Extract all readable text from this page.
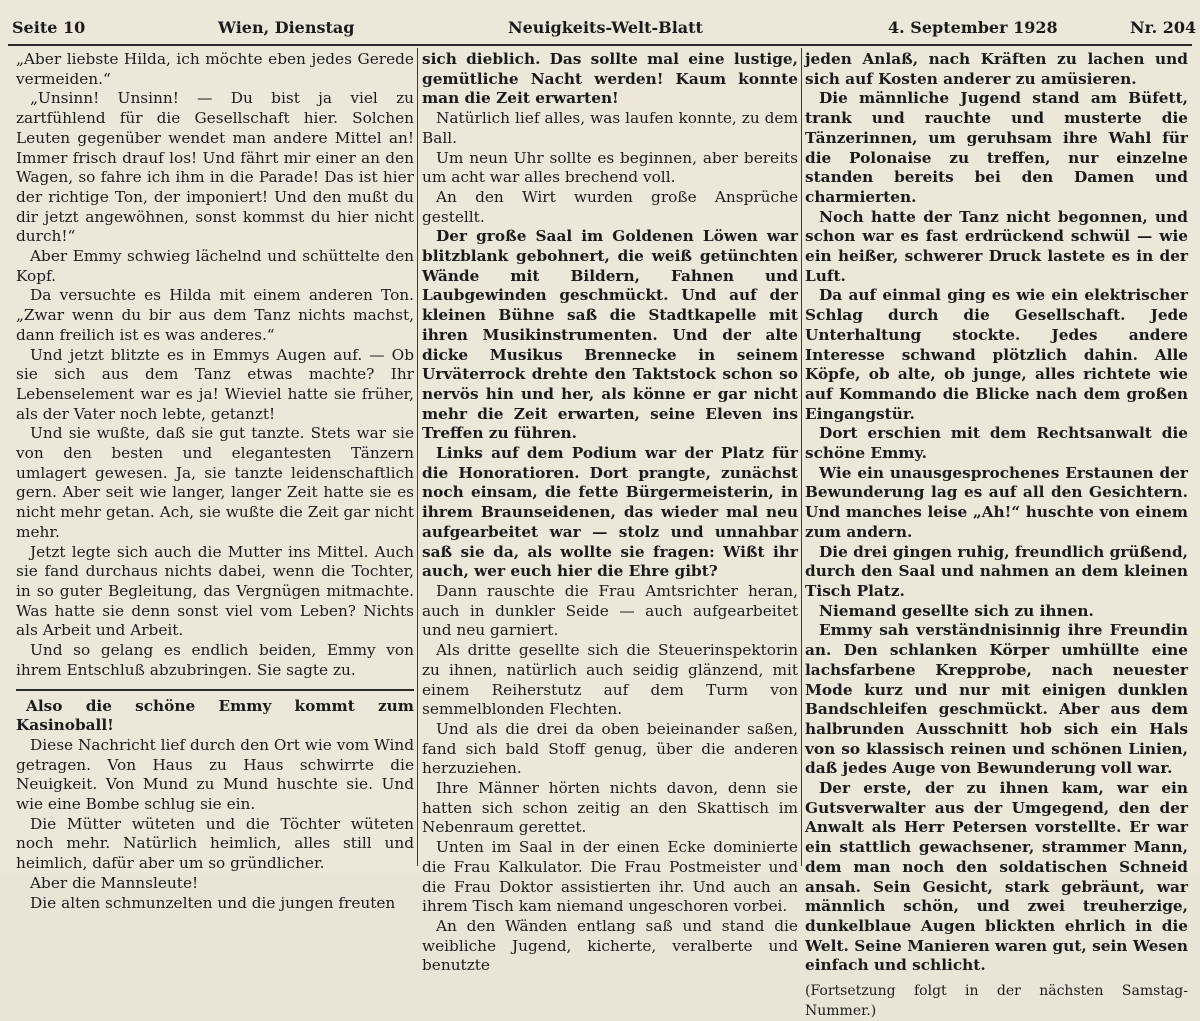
Seite 10	Wien, Dienstag	Neuigkeits-Welt-Blatt	4. September 1928	Nr. 204

„Aber liebste Hilda, ich möchte eben jedes Gerede vermeiden.“

„Unsinn! Unsinn! — Du bist ja viel zu zartfühlend für die Gesellschaft hier. Solchen Leuten gegenüber wendet man andere Mittel an! Immer frisch drauf los! Und fährt mir einer an den Wagen, so fahre ich ihm in die Parade! Das ist hier der richtige Ton, der imponiert! Und den mußt du dir jetzt angewöhnen, sonst kommst du hier nicht durch!“

Aber Emmy schwieg lächelnd und schüttelte den Kopf.

Da versuchte es Hilda mit einem anderen Ton. „Zwar wenn du bir aus dem Tanz nichts machst, dann freilich ist es was anderes.“

Und jetzt blitzte es in Emmys Augen auf. — Ob sie sich aus dem Tanz etwas machte? Ihr Lebenselement war es ja! Wieviel hatte sie früher, als der Vater noch lebte, getanzt!

Und sie wußte, daß sie gut tanzte. Stets war sie von den besten und elegantesten Tänzern umlagert gewesen. Ja, sie tanzte leidenschaftlich gern. Aber seit wie langer, langer Zeit hatte sie es nicht mehr getan. Ach, sie wußte die Zeit gar nicht mehr.

Jetzt legte sich auch die Mutter ins Mittel. Auch sie fand durchaus nichts dabei, wenn die Tochter, in so guter Begleitung, das Vergnügen mitmachte. Was hatte sie denn sonst viel vom Leben? Nichts als Arbeit und Arbeit.

Und so gelang es endlich beiden, Emmy von ihrem Entschluß abzubringen. Sie sagte zu.

Also die schöne Emmy kommt zum Kasinoball!

Diese Nachricht lief durch den Ort wie vom Wind getragen. Von Haus zu Haus schwirrte die Neuigkeit. Von Mund zu Mund huschte sie. Und wie eine Bombe schlug sie ein.

Die Mütter wüteten und die Töchter wüteten noch mehr. Natürlich heimlich, alles still und heimlich, dafür aber um so gründlicher.

Aber die Mannsleute!

Die alten schmunzelten und die jungen freuten

sich dieblich. Das sollte mal eine lustige, gemütliche Nacht werden! Kaum konnte man die Zeit erwarten!

Natürlich lief alles, was laufen konnte, zu dem Ball.

Um neun Uhr sollte es beginnen, aber bereits um acht war alles brechend voll.

An den Wirt wurden große Ansprüche gestellt.

Der große Saal im Goldenen Löwen war blitzblank gebohnert, die weiß getünchten Wände mit Bildern, Fahnen und Laubgewinden geschmückt. Und auf der kleinen Bühne saß die Stadtkapelle mit ihren Musikinstrumenten. Und der alte dicke Musikus Brennecke in seinem Urväterrock drehte den Taktstock schon so nervös hin und her, als könne er gar nicht mehr die Zeit erwarten, seine Eleven ins Treffen zu führen.

Links auf dem Podium war der Platz für die Honoratioren. Dort prangte, zunächst noch einsam, die fette Bürgermeisterin, in ihrem Braunseidenen, das wieder mal neu aufgearbeitet war — stolz und unnahbar saß sie da, als wollte sie fragen: Wißt ihr auch, wer euch hier die Ehre gibt?

Dann rauschte die Frau Amtsrichter heran, auch in dunkler Seide — auch aufgearbeitet und neu garniert.

Als dritte gesellte sich die Steuerinspektorin zu ihnen, natürlich auch seidig glänzend, mit einem Reiherstutz auf dem Turm von semmelblonden Flechten.

Und als die drei da oben beieinander saßen, fand sich bald Stoff genug, über die anderen herzuziehen.

Ihre Männer hörten nichts davon, denn sie hatten sich schon zeitig an den Skattisch im Nebenraum gerettet.

Unten im Saal in der einen Ecke dominierte die Frau Kalkulator. Die Frau Postmeister und die Frau Doktor assistierten ihr. Und auch an ihrem Tisch kam niemand ungeschoren vorbei.

An den Wänden entlang saß und stand die weibliche Jugend, kicherte, veralberte und benutzte

jeden Anlaß, nach Kräften zu lachen und sich auf Kosten anderer zu amüsieren.

Die männliche Jugend stand am Büfett, trank und rauchte und musterte die Tänzerinnen, um geruhsam ihre Wahl für die Polonaise zu treffen, nur einzelne standen bereits bei den Damen und charmierten.

Noch hatte der Tanz nicht begonnen, und schon war es fast erdrückend schwül — wie ein heißer, schwerer Druck lastete es in der Luft.

Da auf einmal ging es wie ein elektrischer Schlag durch die Gesellschaft. Jede Unterhaltung stockte. Jedes andere Interesse schwand plötzlich dahin. Alle Köpfe, ob alte, ob junge, alles richtete wie auf Kommando die Blicke nach dem großen Eingangstür.

Dort erschien mit dem Rechtsanwalt die schöne Emmy.

Wie ein unausgesprochenes Erstaunen der Bewunderung lag es auf all den Gesichtern. Und manches leise „Ah!“ huschte von einem zum andern.

Die drei gingen ruhig, freundlich grüßend, durch den Saal und nahmen an dem kleinen Tisch Platz.

Niemand gesellte sich zu ihnen.

Emmy sah verständnisinnig ihre Freundin an. Den schlanken Körper umhüllte eine lachsfarbene Krepprobe, nach neuester Mode kurz und nur mit einigen dunklen Bandschleifen geschmückt. Aber aus dem halbrunden Ausschnitt hob sich ein Hals von so klassisch reinen und schönen Linien, daß jedes Auge von Bewunderung voll war.

Der erste, der zu ihnen kam, war ein Gutsverwalter aus der Umgegend, den der Anwalt als Herr Petersen vorstellte. Er war ein stattlich gewachsener, strammer Mann, dem man noch den soldatischen Schneid ansah. Sein Gesicht, stark gebräunt, war männlich schön, und zwei treuherzige, dunkelblaue Augen blickten ehrlich in die Welt. Seine Manieren waren gut, sein Wesen einfach und schlicht.

(Fortsetzung folgt in der nächsten Samstag-Nummer.)
